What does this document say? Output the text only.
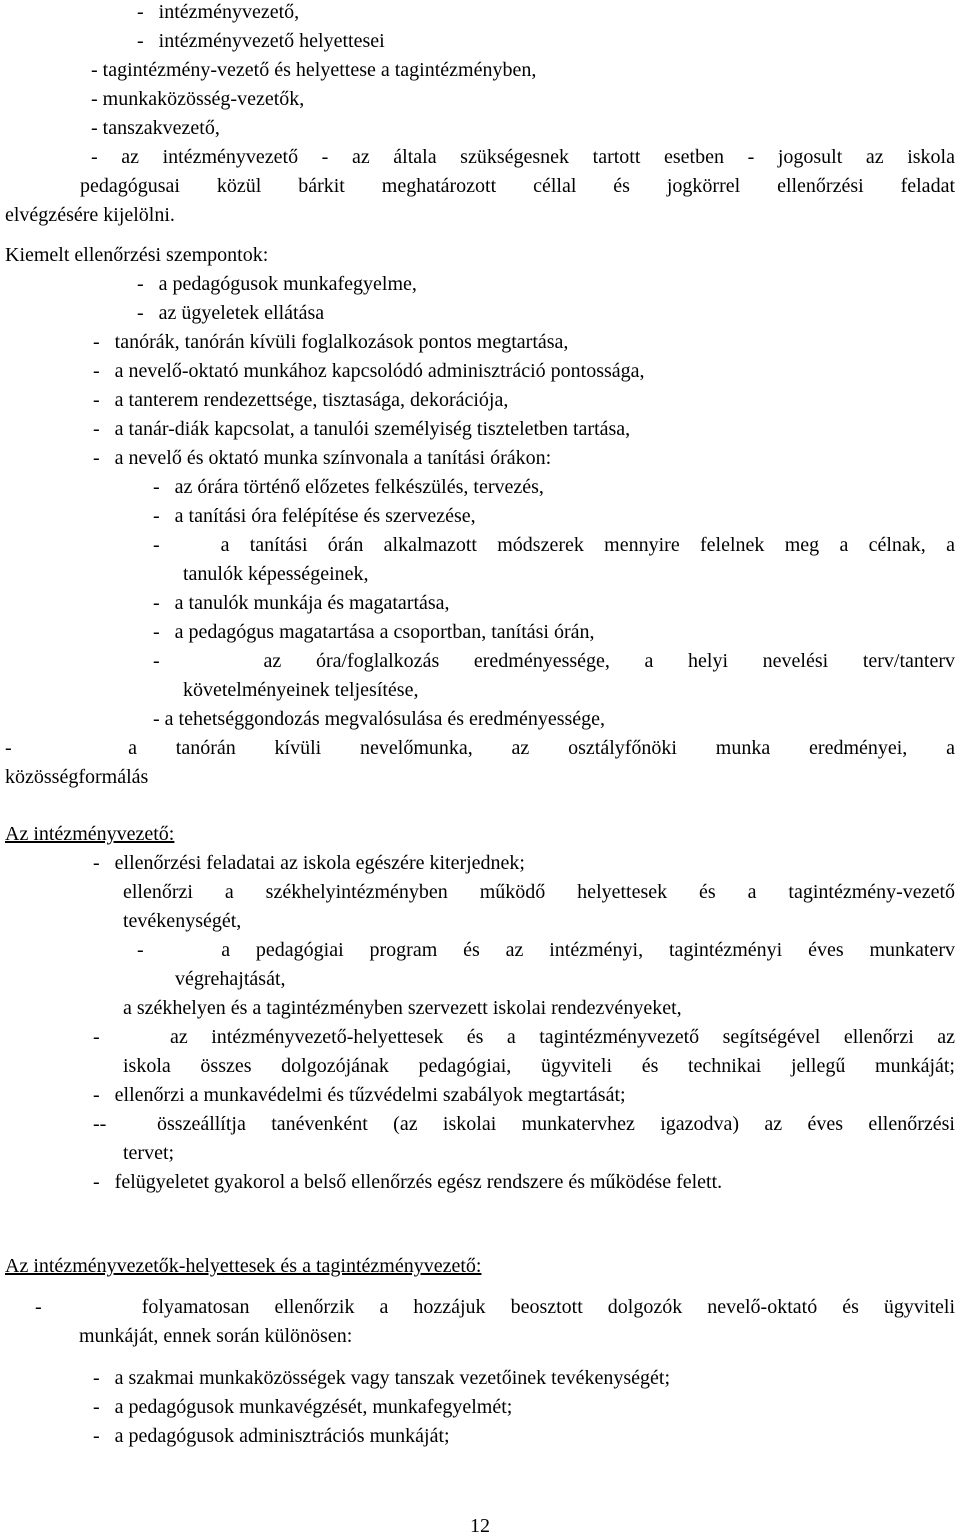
-   intézményvezető,
-   intézményvezető helyettesei
- tagintézmény-vezető és helyettese a tagintézményben,
- munkaközösség-vezetők,
- tanszakvezető,
- az intézményvezető - az általa szükségesnek tartott esetben - jogosult az iskola
pedagógusai közül bárkit meghatározott céllal és jogkörrel ellenőrzési feladat
elvégzésére kijelölni.
Kiemelt ellenőrzési szempontok:
-   a pedagógusok munkafegyelme,
-   az ügyeletek ellátása
-   tanórák, tanórán kívüli foglalkozások pontos megtartása,
-   a nevelő-oktató munkához kapcsolódó adminisztráció pontossága,
-   a tanterem rendezettsége, tisztasága, dekorációja,
-   a tanár-diák kapcsolat, a tanulói személyiség tiszteletben tartása,
-   a nevelő és oktató munka színvonala a tanítási órákon:
-   az órára történő előzetes felkészülés, tervezés,
-   a tanítási óra felépítése és szervezése,
-   a tanítási órán alkalmazott módszerek mennyire felelnek meg a célnak, a
tanulók képességeinek,
-   a tanulók munkája és magatartása,
-   a pedagógus magatartása a csoportban, tanítási órán,
-   az óra/foglalkozás eredményessége, a helyi nevelési terv/tanterv
követelményeinek teljesítése,
- a tehetséggondozás megvalósulása és eredményessége,
-   a tanórán kívüli nevelőmunka, az osztályfőnöki munka eredményei, a
közösségformálás
Az intézményvezető:
-   ellenőrzési feladatai az iskola egészére kiterjednek;
ellenőrzi a székhelyintézményben működő helyettesek és a tagintézmény-vezető
tevékenységét,
-   a pedagógiai program és az intézményi, tagintézményi éves munkaterv
végrehajtását,
a székhelyen és a tagintézményben szervezett iskolai rendezvényeket,
-   az intézményvezető-helyettesek és a tagintézményvezető segítségével ellenőrzi az
iskola összes dolgozójának pedagógiai, ügyviteli és technikai jellegű munkáját;
-   ellenőrzi a munkavédelmi és tűzvédelmi szabályok megtartását;
--  összeállítja tanévenként (az iskolai munkatervhez igazodva) az éves ellenőrzési
tervet;
-   felügyeletet gyakorol a belső ellenőrzés egész rendszere és működése felett.
Az intézményvezetők-helyettesek és a tagintézményvezető:
-    folyamatosan ellenőrzik a hozzájuk beosztott dolgozók nevelő-oktató és ügyviteli
munkáját, ennek során különösen:
-   a szakmai munkaközösségek vagy tanszak vezetőinek tevékenységét;
-   a pedagógusok munkavégzését, munkafegyelmét;
-   a pedagógusok adminisztrációs munkáját;
12
